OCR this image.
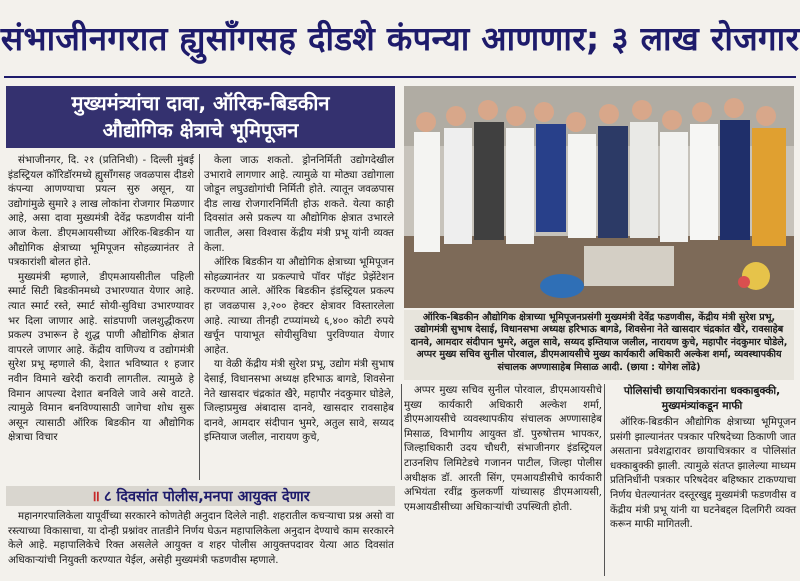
संभाजीनगरात ह्युसाँगसह दीडशे कंपन्या आणणार; ३ लाख रोजगार
मुख्यमंत्र्यांचा दावा, ऑरिक-बिडकीन
औद्योगिक क्षेत्राचे भूमिपूजन

संभाजीनगर, दि. २१ (प्रतिनिधी) - दिल्ली मुंबई इंडस्ट्रियल कॉरिडॉरमध्ये ह्युसाँगसह जवळपास दीडशे कंपन्या आणण्याचा प्रयत्न सुरु असून, या उद्योगांमुळे सुमारे ३ लाख लोकांना रोजगार मिळणार आहे, असा दावा मुख्यमंत्री देवेंद्र फडणवीस यांनी आज केला. डीएमआयसीच्या ऑरिक-बिडकीन या औद्योगिक क्षेत्राच्या भूमिपूजन सोहळ्यानंतर ते पत्रकारांशी बोलत होते.

मुख्यमंत्री म्हणाले, डीएमआयसीतील पहिली स्मार्ट सिटी बिडकीनमध्ये उभारण्यात येणार आहे. त्यात स्मार्ट रस्ते, स्मार्ट सोयी-सुविधा उभारण्यावर भर दिला जाणार आहे. सांडपाणी जलशुद्धीकरण प्रकल्प उभारून हे शुद्ध पाणी औद्योगिक क्षेत्रात वापरले जाणार आहे. केंद्रीय वाणिज्य व उद्योगमंत्री सुरेश प्रभू म्हणाले की, देशात भविष्यात १ हजार नवीन विमाने खरेदी करावी लागतील. त्यामुळे हे विमान आपल्या देशात बनविले जावे असे वाटते. त्यामुळे विमान बनविण्यासाठी जागेचा शोध सुरू असून त्यासाठी ऑरिक बिडकीन या औद्योगिक क्षेत्राचा विचार

केला जाऊ शकतो. ड्रोननिर्मिती उद्योगदेखील उभारावे लागणार आहे. त्यामुळे या मोठ्या उद्योगाला जोडून लघुउद्योगांची निर्मिती होते. त्यातून जवळपास दीड लाख रोजगारनिर्मिती होऊ शकते. येत्या काही दिवसांत असे प्रकल्प या औद्योगिक क्षेत्रात उभारले जातील, असा विश्वास केंद्रीय मंत्री प्रभू यांनी व्यक्त केला.

ऑरिक बिडकीन या औद्योगिक क्षेत्राच्या भूमिपूजन सोहळ्यानंतर या प्रकल्पाचे पॉवर पॉइंट प्रेझेंटेशन करण्यात आले. ऑरिक बिडकीन इंडस्ट्रियल प्रकल्प हा जवळपास ३,२०० हेक्टर क्षेत्रावर विस्तारलेला आहे. त्याच्या तीनही टप्प्यांमध्ये ६,४०० कोटी रुपये खर्चून पायाभूत सोयीसुविधा पुरविण्यात येणार आहेत.

या वेळी केंद्रीय मंत्री सुरेश प्रभू, उद्योग मंत्री सुभाष देसाई, विधानसभा अध्यक्ष हरिभाऊ बागडे, शिवसेना नेते खासदार चंद्रकांत खैरे, महापौर नंदकुमार घोडेले, जिल्हाप्रमुख अंबादास दानवे, खासदार रावसाहेब दानवे, आमदार संदीपान भुमरे, अतुल सावे, सय्यद इम्तियाज जलील, नारायण कुचे,

ऑरिक-बिडकीन औद्योगिक क्षेत्राच्या भूमिपूजनप्रसंगी मुख्यमंत्री देवेंद्र फडणवीस, केंद्रीय मंत्री सुरेश प्रभू, उद्योगमंत्री सुभाष देसाई, विधानसभा अध्यक्ष हरिभाऊ बागडे, शिवसेना नेते खासदार चंद्रकांत खैरे, रावसाहेब दानवे, आमदार संदीपान भुमरे, अतुल सावे, सय्यद इम्तियाज जलील, नारायण कुचे, महापौर नंदकुमार घोडेले, अप्पर मुख्य सचिव सुनील पोरवाल, डीएमआयसीचे मुख्य कार्यकारी अधिकारी अल्केश शर्मा, व्यवस्थापकीय संचालक अण्णासाहेब मिसाळ आदी. (छाया : योगेश लोंढे)

अप्पर मुख्य सचिव सुनील पोरवाल, डीएमआयसीचे मुख्य कार्यकारी अधिकारी अल्केश शर्मा, डीएमआयसीचे व्यवस्थापकीय संचालक अण्णासाहेब मिसाळ, विभागीय आयुक्त डॉ. पुरुषोत्तम भापकर, जिल्हाधिकारी उदय चौधरी, संभाजीनगर इंडस्ट्रियल टाउनशिप लिमिटेडचे गजानन पाटील, जिल्हा पोलीस अधीक्षक डॉ. आरती सिंग, एमआयडीसीचे कार्यकारी अभियंता रवींद्र कुलकर्णी यांच्यासह डीएमआयसी, एमआयडीसीच्या अधिकाऱ्यांची उपस्थिती होती.

पोलिसांची छायाचित्रकारांना धक्काबुक्की,
मुख्यमंत्र्यांकडून माफी

ऑरिक-बिडकीन औद्योगिक क्षेत्राच्या भूमिपूजन प्रसंगी झाल्यानंतर पत्रकार परिषदेच्या ठिकाणी जात असताना प्रवेशद्वारावर छायाचित्रकार व पोलिसांत धक्काबुक्की झाली. त्यामुळे संतप्त झालेल्या माध्यम प्रतिनिधींनी पत्रकार परिषदेवर बहिष्कार टाकण्याचा निर्णय घेतल्यानंतर दस्तूरखुद्द मुख्यमंत्री फडणवीस व केंद्रीय मंत्री प्रभू यांनी या घटनेबद्दल दिलगिरी व्यक्त करून माफी मागितली.

॥ ८ दिवसांत पोलीस,मनपा आयुक्त देणार

महानगरपालिकेला यापूर्वीच्या सरकारने कोणतेही अनुदान दिलेले नाही. शहरातील कचऱ्याचा प्रश्न असो वा रस्त्याच्या विकासाचा, या दोन्ही प्रश्नांवर तातडीने निर्णय घेऊन महापालिकेला अनुदान देण्याचे काम सरकारने केले आहे. महापालिकेचे रिक्त असलेले आयुक्त व शहर पोलीस आयुक्तपदावर येत्या आठ दिवसांत अधिकाऱ्यांची नियुक्ती करण्यात येईल, असेही मुख्यमंत्री फडणवीस म्हणाले.
